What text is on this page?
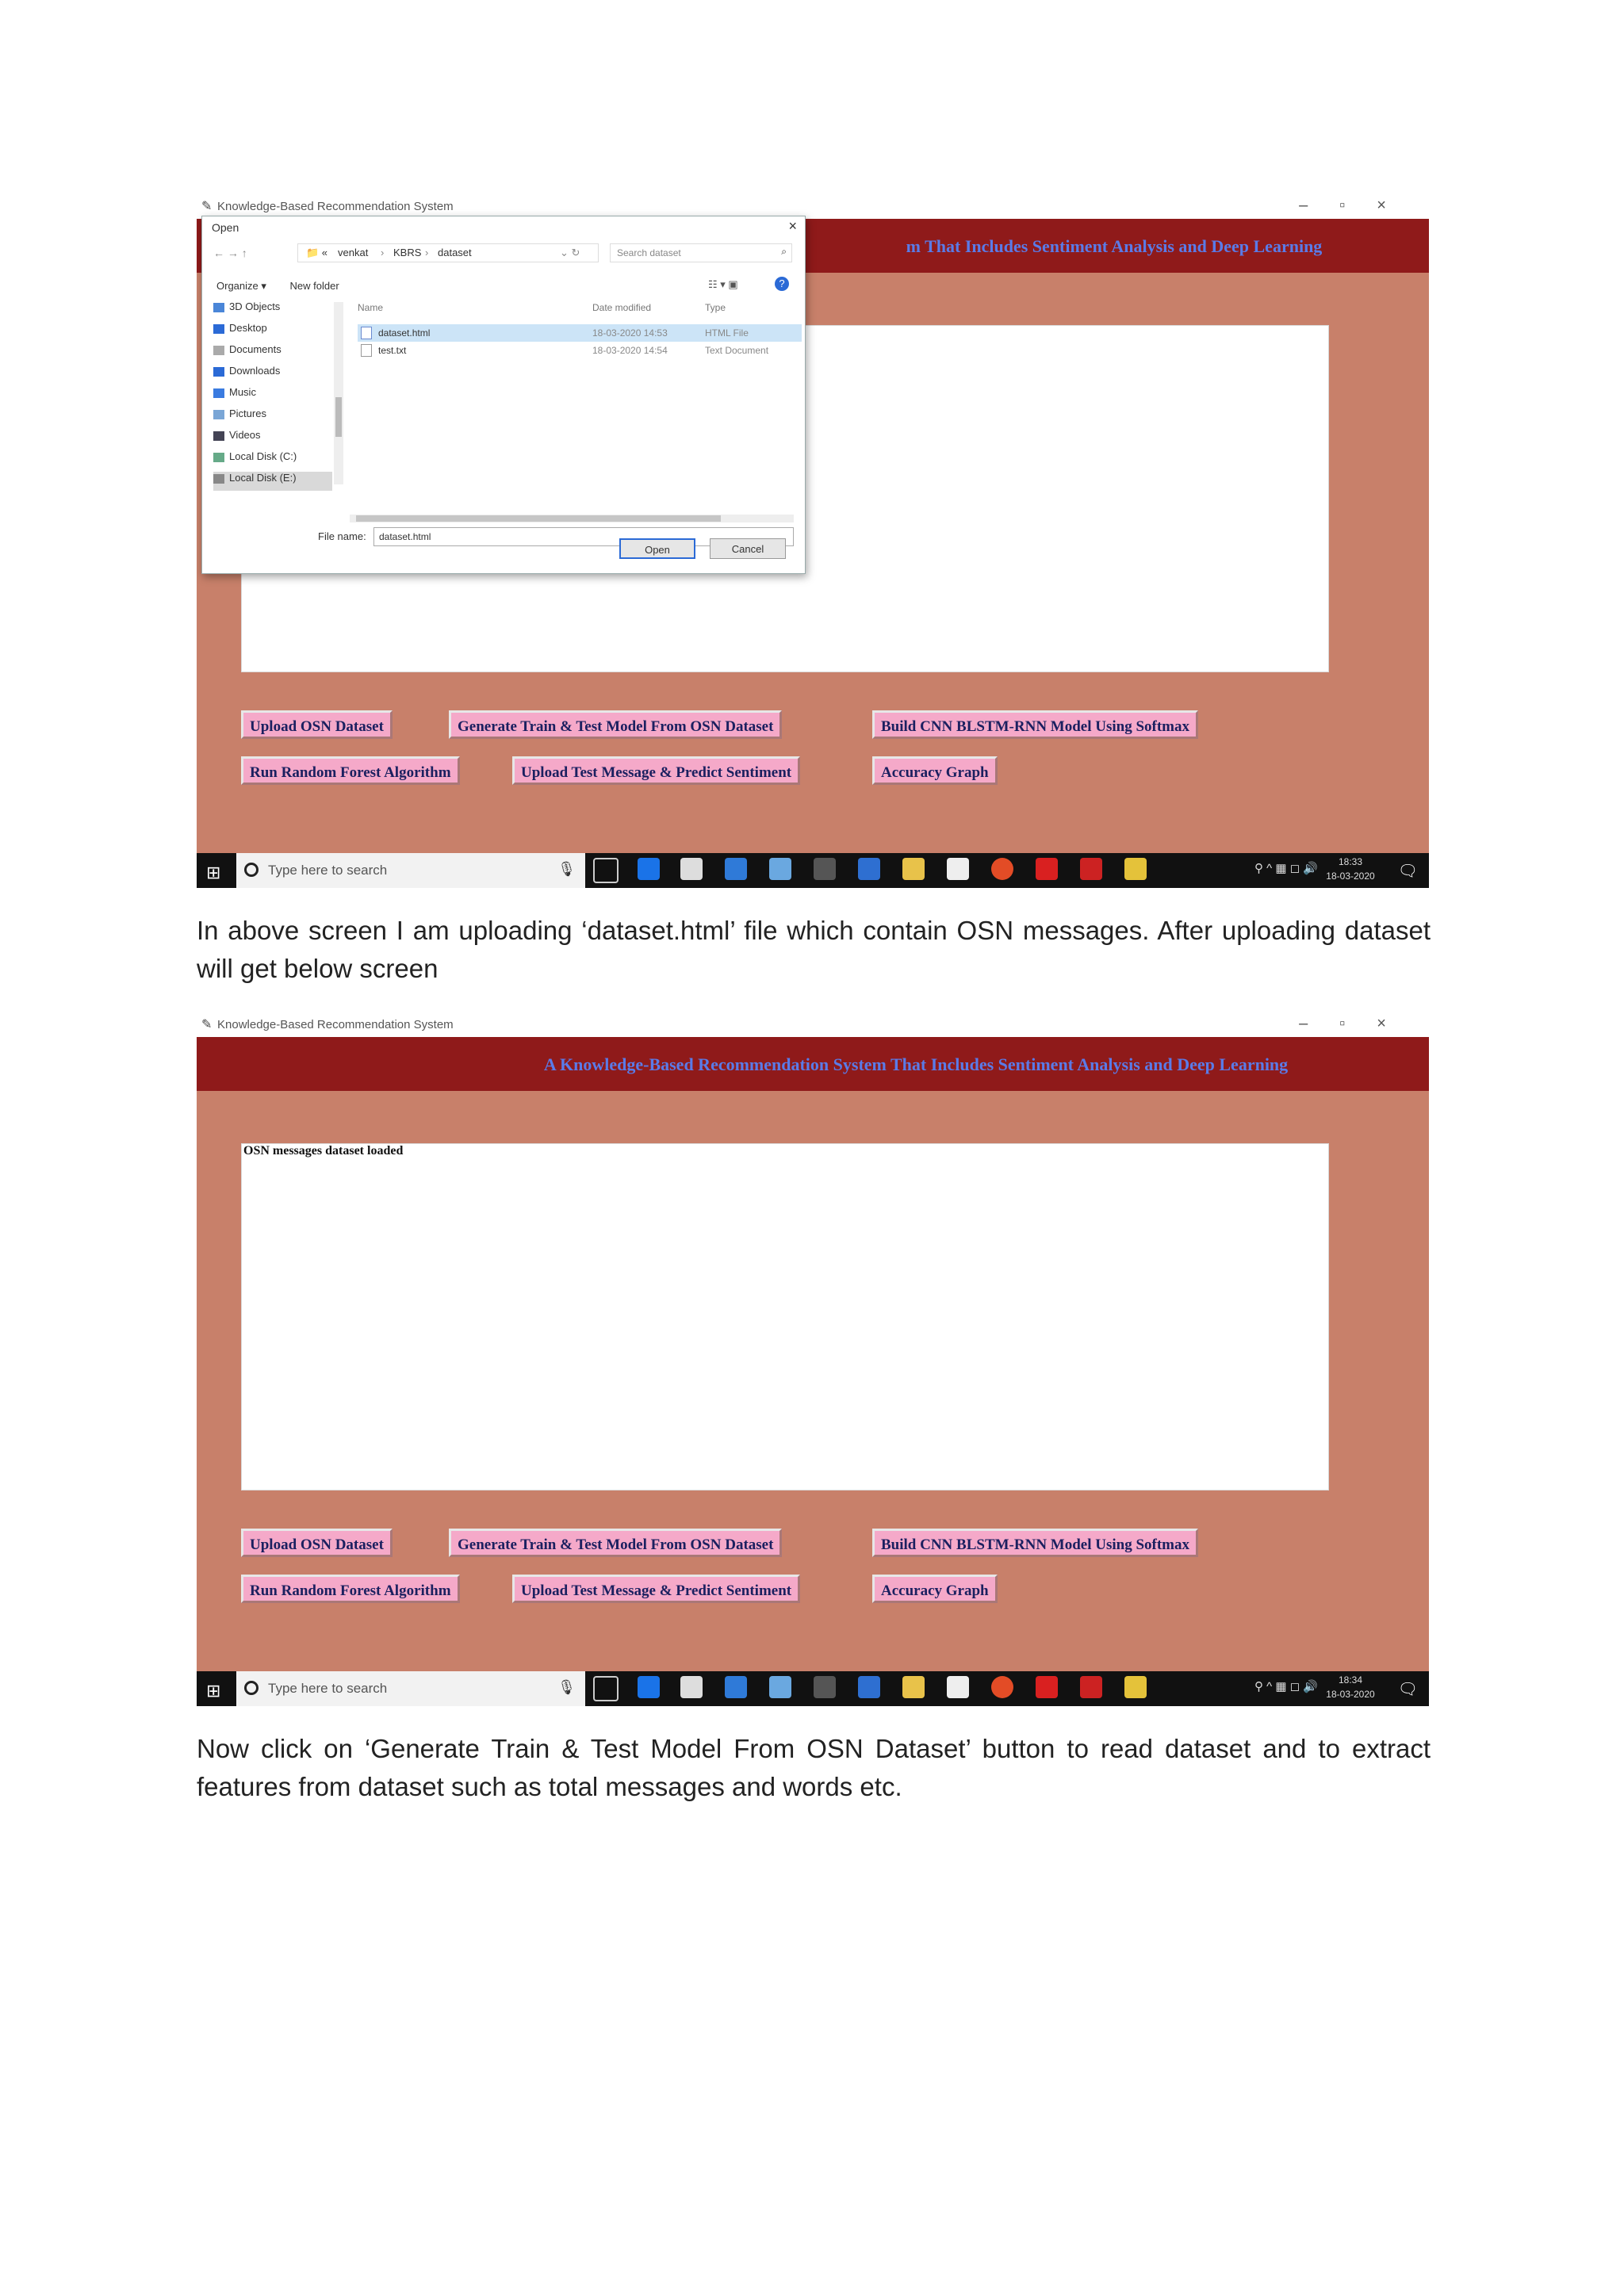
✎ Knowledge-Based Recommendation System	–▫×
m That Includes Sentiment Analysis and Deep Learning
Upload OSN Dataset	Generate Train & Test Model From OSN Dataset	Build CNN BLSTM-RNN Model Using Softmax
Run Random Forest Algorithm	Upload Test Message & Predict Sentiment	Accuracy Graph
Open	×
← → ↑	📁 « venkat › KBRS › dataset	⌄ ↻	Search dataset	⌕
Organize ▾ New folder	☷ ▾ ▣	?
3D Objects
Desktop
Documents
Downloads
Music
Pictures
Videos
Local Disk (C:)
Local Disk (E:)
Name	Date modified	Type
dataset.html	18-03-2020 14:53	HTML File
test.txt	18-03-2020 14:54	Text Document
File name: dataset.html
Open	Cancel
⊞	Type here to search	🎙	⚲ ^ ▦ ◻ 🔊	18:33
18-03-2020 🗨
In above screen I am uploading ‘dataset.html’ file which contain OSN messages. After uploading dataset will get below screen
✎ Knowledge-Based Recommendation System	–▫×
A Knowledge-Based Recommendation System That Includes Sentiment Analysis and Deep Learning
OSN messages dataset loaded
Upload OSN Dataset	Generate Train & Test Model From OSN Dataset	Build CNN BLSTM-RNN Model Using Softmax
Run Random Forest Algorithm	Upload Test Message & Predict Sentiment	Accuracy Graph
⊞	Type here to search	🎙	⚲ ^ ▦ ◻ 🔊	18:34
18-03-2020 🗨
Now click on ‘Generate Train & Test Model From OSN Dataset’ button to read dataset and to extract features from dataset such as total messages and words etc.
